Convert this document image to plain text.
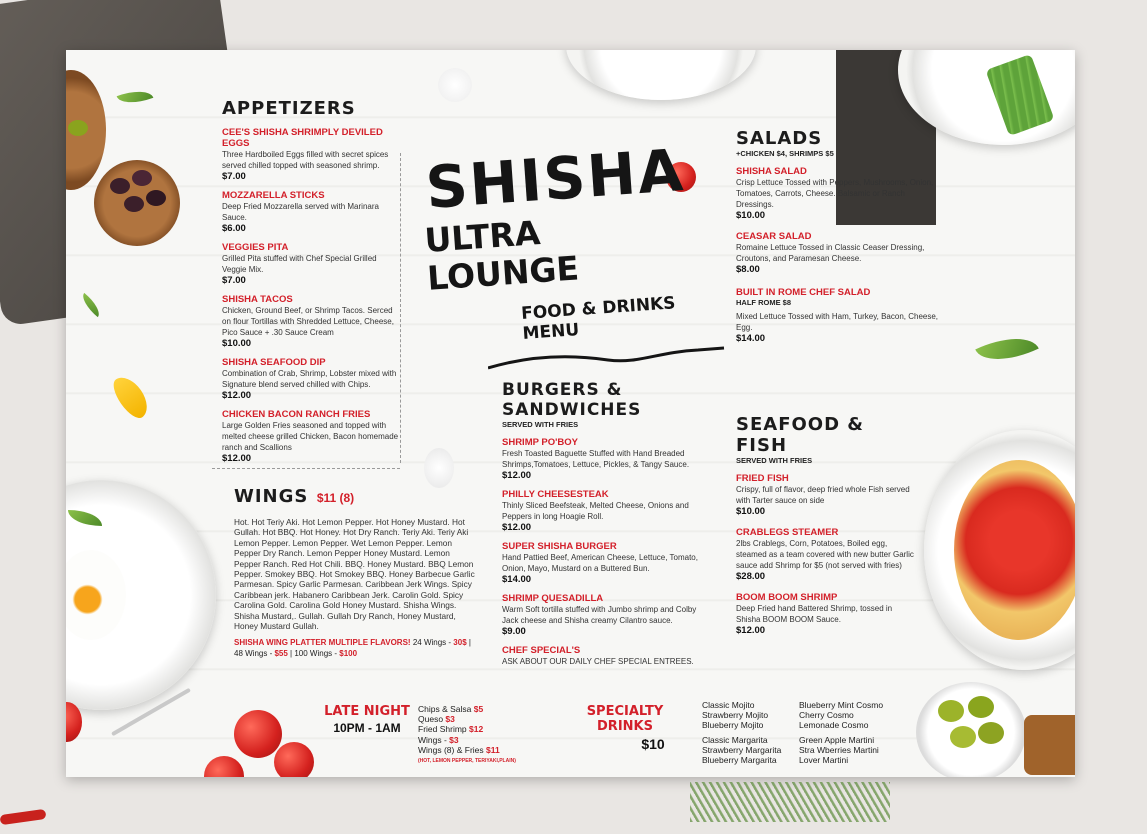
SHISHA
ULTRA LOUNGE
FOOD & DRINKS MENU
APPETIZERS
CEE'S SHISHA SHRIMPLY DEVILED EGGS
Three Hardboiled Eggs filled with secret spices served chilled topped with seasoned shrimp.
$7.00
MOZZARELLA STICKS
Deep Fried Mozzarella served with Marinara Sauce.
$6.00
VEGGIES PITA
Grilled Pita stuffed with Chef Special Grilled Veggie Mix.
$7.00
SHISHA TACOS
Chicken, Ground Beef, or Shrimp Tacos. Serced on flour Tortillas with Shredded Lettuce, Cheese, Pico Sauce + .30 Sauce Cream
$10.00
SHISHA SEAFOOD DIP
Combination of Crab, Shrimp, Lobster mixed with Signature blend served chilled with Chips.
$12.00
CHICKEN BACON RANCH FRIES
Large Golden Fries seasoned and topped with melted cheese grilled Chicken, Bacon homemade ranch and Scallions
$12.00
WINGS $11 (8)
Hot. Hot Teriy Aki. Hot Lemon Pepper. Hot Honey Mustard. Hot Gullah. Hot BBQ. Hot Honey. Hot Dry Ranch. Teriy Aki. Teriy Aki Lemon Pepper. Lemon Pepper. Wet Lemon Pepper. Lemon Pepper Dry Ranch. Lemon Pepper Honey Mustard. Lemon Pepper Ranch. Red Hot Chili. BBQ. Honey Mustard. BBQ Lemon Pepper. Smokey BBQ. Hot Smokey BBQ. Honey Barbecue Garlic Parmesan. Spicy Garlic Parmesan. Caribbean Jerk Wings. Spicy Caribbean jerk. Habanero Caribbean Jerk. Carolin Gold. Spicy Carolina Gold. Carolina Gold Honey Mustard. Shisha Wings. Shisha Mustard,. Gullah. Gullah Dry Ranch, Honey Mustard, Honey Mustard Gullah.
SHISHA WING PLATTER MULTIPLE FLAVORS! 24 Wings - 30$ | 48 Wings - $55 | 100 Wings - $100
BURGERS & SANDWICHES
SERVED WITH FRIES
SHRIMP PO'BOY
Fresh Toasted Baguette Stuffed with Hand Breaded Shrimps,Tomatoes, Lettuce, Pickles, & Tangy Sauce.
$12.00
PHILLY CHEESESTEAK
Thinly Sliced Beefsteak, Melted Cheese, Onions and Peppers in long Hoagie Roll.
$12.00
SUPER SHISHA BURGER
Hand Pattied Beef, American Cheese, Lettuce, Tomato, Onion, Mayo, Mustard on a Buttered Bun.
$14.00
SHRIMP QUESADILLA
Warm Soft tortilla stuffed with Jumbo shrimp and Colby Jack cheese and Shisha creamy Cilantro sauce.
$9.00
CHEF SPECIAL'S
ASK ABOUT OUR DAILY CHEF SPECIAL ENTREES.
SALADS
+CHICKEN $4, SHRIMPS $5
SHISHA SALAD
Crisp Lettuce Tossed with Peppers, Mushrooms, Onion, Tomatoes, Carrots, Cheese. Balsamic or Ranch Dressings.
$10.00
CEASAR SALAD
Romaine Lettuce Tossed in Classic Ceaser Dressing, Croutons, and Paramesan Cheese.
$8.00
BUILT IN ROME CHEF SALAD
HALF ROME $8
Mixed Lettuce Tossed with Ham, Turkey, Bacon, Cheese, Egg.
$14.00
SEAFOOD & FISH
SERVED WITH FRIES
FRIED FISH
Crispy, full of flavor, deep fried whole Fish served with Tarter sauce on side
$10.00
CRABLEGS STEAMER
2lbs Crablegs, Corn, Potatoes, Boiled egg, steamed as a team covered with new butter Garlic sauce add Shrimp for $5 (not served with fries)
$28.00
BOOM BOOM SHRIMP
Deep Fried hand Battered Shrimp, tossed in Shisha BOOM BOOM Sauce.
$12.00
LATE NIGHT
10PM - 1AM
Chips & Salsa $5
Queso $3
Fried Shrimp $12
Wings - $3
Wings (8) & Fries $11
(HOT, LEMON PEPPER, TERIYAKI,PLAIN)
SPECIALTY DRINKS
$10
Classic Mojito
Strawberry Mojito
Blueberry Mojito
Classic Margarita
Strawberry Margarita
Blueberry Margarita
Blueberry Mint Cosmo
Cherry Cosmo
Lemonade Cosmo
Green Apple Martini
Stra Wberries Martini
Lover Martini
